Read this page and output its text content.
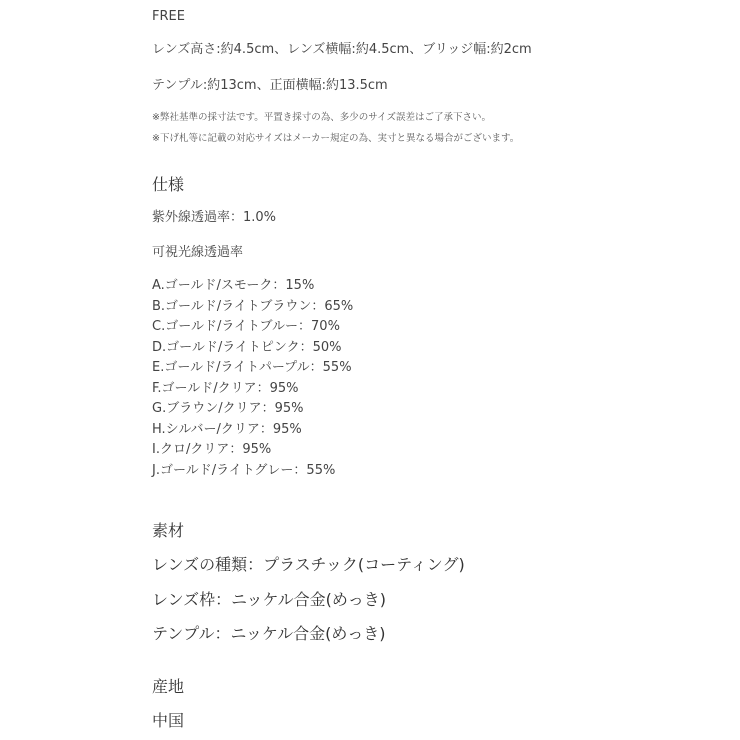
FREE
レンズ高さ:約4.5cm、レンズ横幅:約4.5cm、ブリッジ幅:約2cm
テンプル:約13cm、正面横幅:約13.5cm
※弊社基準の採寸法です。平置き採寸の為、多少のサイズ誤差はご了承下さい。
※下げ札等に記載の対応サイズはメーカー規定の為、実寸と異なる場合がございます。
仕様
紫外線透過率：1.0%
可視光線透過率
A.ゴールド/スモーク：15%
B.ゴールド/ライトブラウン：65%
C.ゴールド/ライトブルー：70%
D.ゴールド/ライトピンク：50%
E.ゴールド/ライトパープル：55%
F.ゴールド/クリア：95%
G.ブラウン/クリア：95%
H.シルバー/クリア：95%
I.クロ/クリア：95%
J.ゴールド/ライトグレー：55%
素材
レンズの種類：プラスチック(コーティング)
レンズ枠：ニッケル合金(めっき)
テンプル：ニッケル合金(めっき)
産地
中国
